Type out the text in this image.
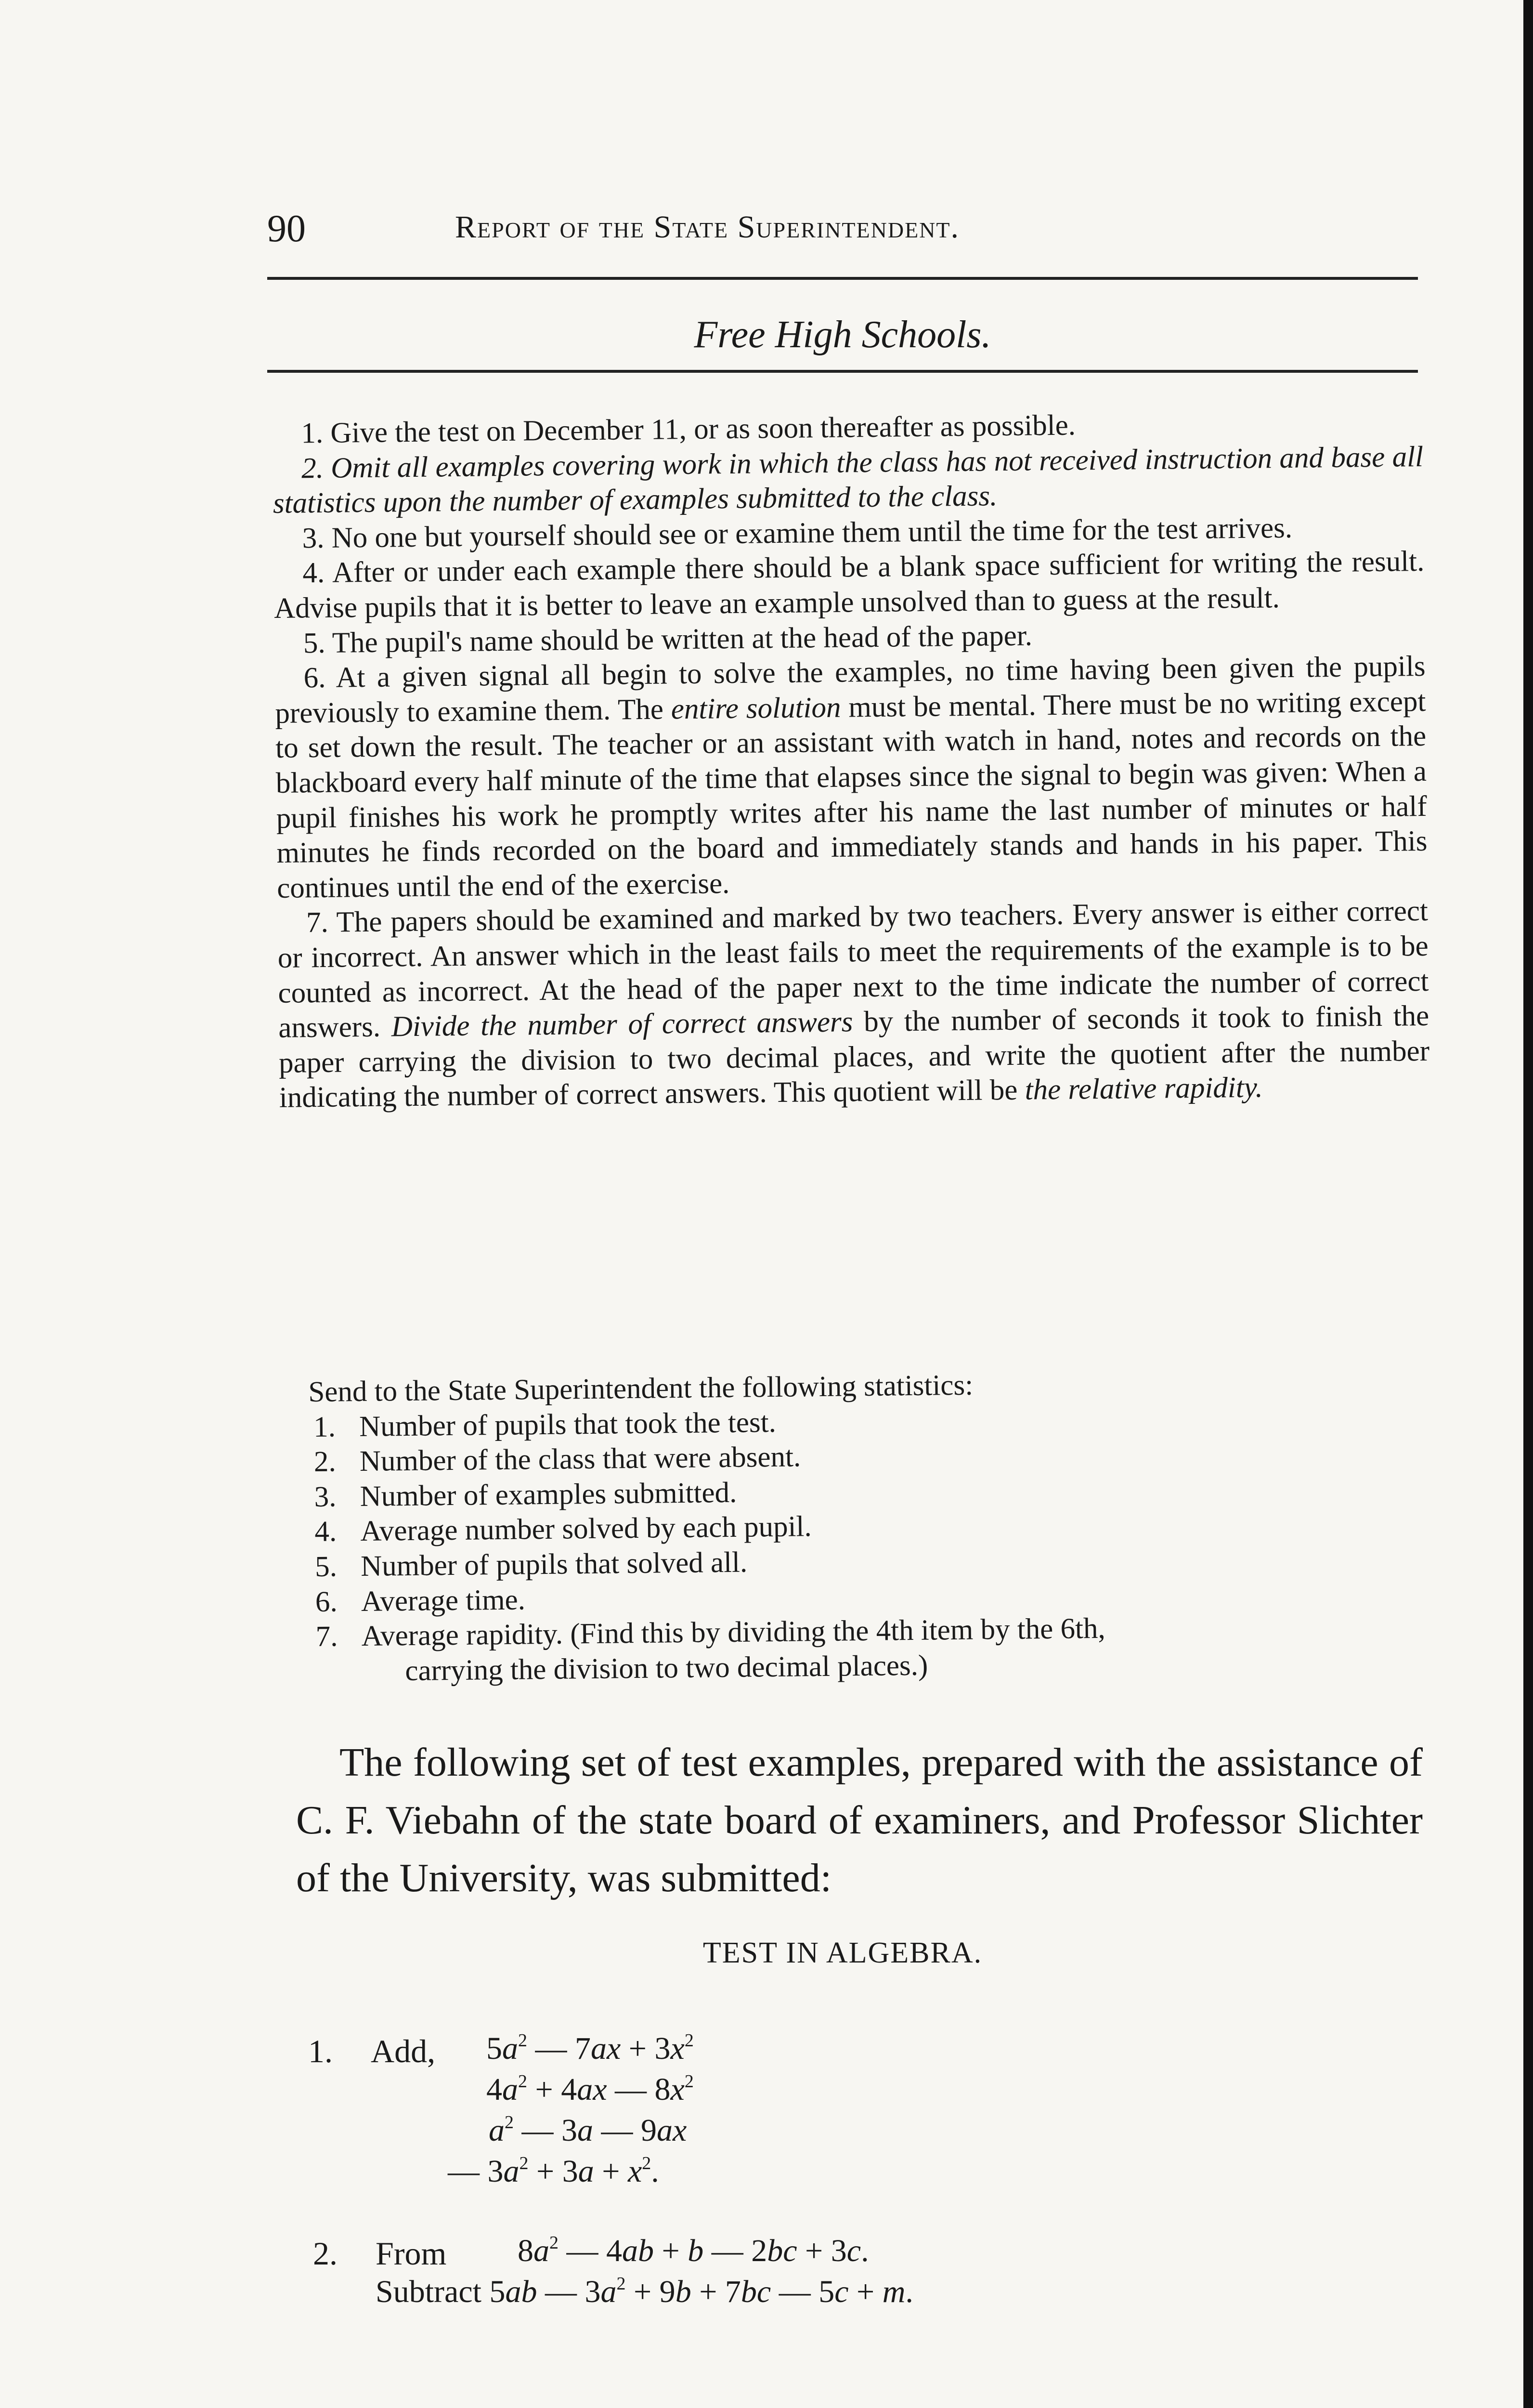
90	Report of the State Superintendent.
Free High Schools.

1. Give the test on December 11, or as soon thereafter as possible.

2. Omit all examples covering work in which the class has not received instruction and base all statistics upon the number of examples submitted to the class.

3. No one but yourself should see or examine them until the time for the test arrives.

4. After or under each example there should be a blank space sufficient for writing the result. Advise pupils that it is better to leave an example unsolved than to guess at the result.

5. The pupil's name should be written at the head of the paper.

6. At a given signal all begin to solve the examples, no time having been given the pupils previously to examine them. The entire solution must be mental. There must be no writing except to set down the result. The teacher or an assistant with watch in hand, notes and records on the blackboard every half minute of the time that elapses since the signal to begin was given: When a pupil finishes his work he promptly writes after his name the last number of minutes or half minutes he finds recorded on the board and immediately stands and hands in his paper. This continues until the end of the exercise.

7. The papers should be examined and marked by two teachers. Every answer is either correct or incorrect. An answer which in the least fails to meet the requirements of the example is to be counted as incorrect. At the head of the paper next to the time indicate the number of correct answers. Divide the number of correct answers by the number of seconds it took to finish the paper carrying the division to two decimal places, and write the quotient after the number indicating the number of correct answers. This quotient will be the relative rapidity.

Send to the State Superintendent the following statistics:

1. Number of pupils that took the test.
2. Number of the class that were absent.
3. Number of examples submitted.
4. Average number solved by each pupil.
5. Number of pupils that solved all.
6. Average time.
7. Average rapidity. (Find this by dividing the 4th item by the 6th,
carrying the division to two decimal places.)

The following set of test examples, prepared with the assistance of C. F. Viebahn of the state board of examiners, and Professor Slichter of the University, was submitted:

TEST IN ALGEBRA.
1. Add, $5a^2$ — $7ax + 3x^2$
$4a^2 + 4ax$ — $8x^2$
$a^2$ — 3a — 9ax
— $3a^2 + 3a + x^2$.
2. From $8a^2$ — 4ab + b — 2bc + 3c.
Subtract 5ab — $3a^2 + 9b + 7bc$ — 5c + m.
